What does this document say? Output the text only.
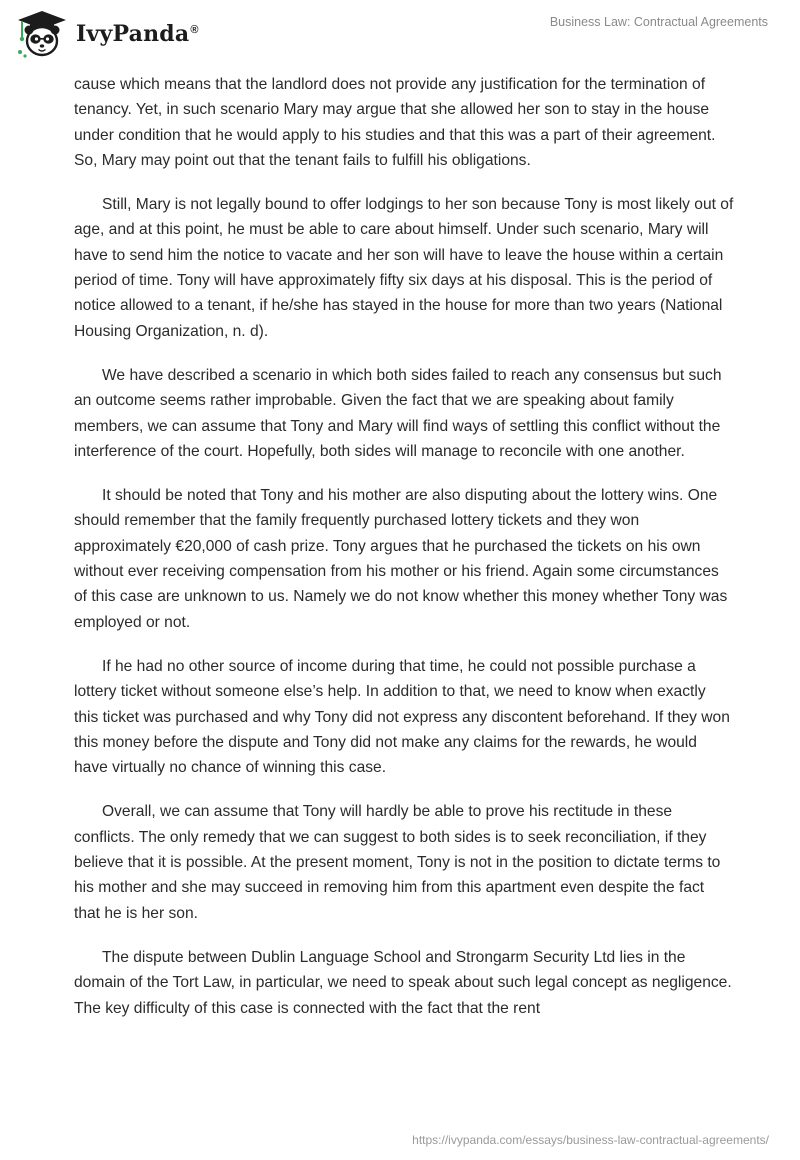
IvyPanda®
Business Law: Contractual Agreements

cause which means that the landlord does not provide any justification for the termination of tenancy. Yet, in such scenario Mary may argue that she allowed her son to stay in the house under condition that he would apply to his studies and that this was a part of their agreement. So, Mary may point out that the tenant fails to fulfill his obligations.

Still, Mary is not legally bound to offer lodgings to her son because Tony is most likely out of age, and at this point, he must be able to care about himself. Under such scenario, Mary will have to send him the notice to vacate and her son will have to leave the house within a certain period of time. Tony will have approximately fifty six days at his disposal. This is the period of notice allowed to a tenant, if he/she has stayed in the house for more than two years (National Housing Organization, n. d).

We have described a scenario in which both sides failed to reach any consensus but such an outcome seems rather improbable. Given the fact that we are speaking about family members, we can assume that Tony and Mary will find ways of settling this conflict without the interference of the court. Hopefully, both sides will manage to reconcile with one another.

It should be noted that Tony and his mother are also disputing about the lottery wins. One should remember that the family frequently purchased lottery tickets and they won approximately €20,000 of cash prize. Tony argues that he purchased the tickets on his own without ever receiving compensation from his mother or his friend. Again some circumstances of this case are unknown to us. Namely we do not know whether this money whether Tony was employed or not.

If he had no other source of income during that time, he could not possible purchase a lottery ticket without someone else’s help. In addition to that, we need to know when exactly this ticket was purchased and why Tony did not express any discontent beforehand. If they won this money before the dispute and Tony did not make any claims for the rewards, he would have virtually no chance of winning this case.

Overall, we can assume that Tony will hardly be able to prove his rectitude in these conflicts. The only remedy that we can suggest to both sides is to seek reconciliation, if they believe that it is possible. At the present moment, Tony is not in the position to dictate terms to his mother and she may succeed in removing him from this apartment even despite the fact that he is her son.

The dispute between Dublin Language School and Strongarm Security Ltd lies in the domain of the Tort Law, in particular, we need to speak about such legal concept as negligence. The key difficulty of this case is connected with the fact that the rent

https://ivypanda.com/essays/business-law-contractual-agreements/
